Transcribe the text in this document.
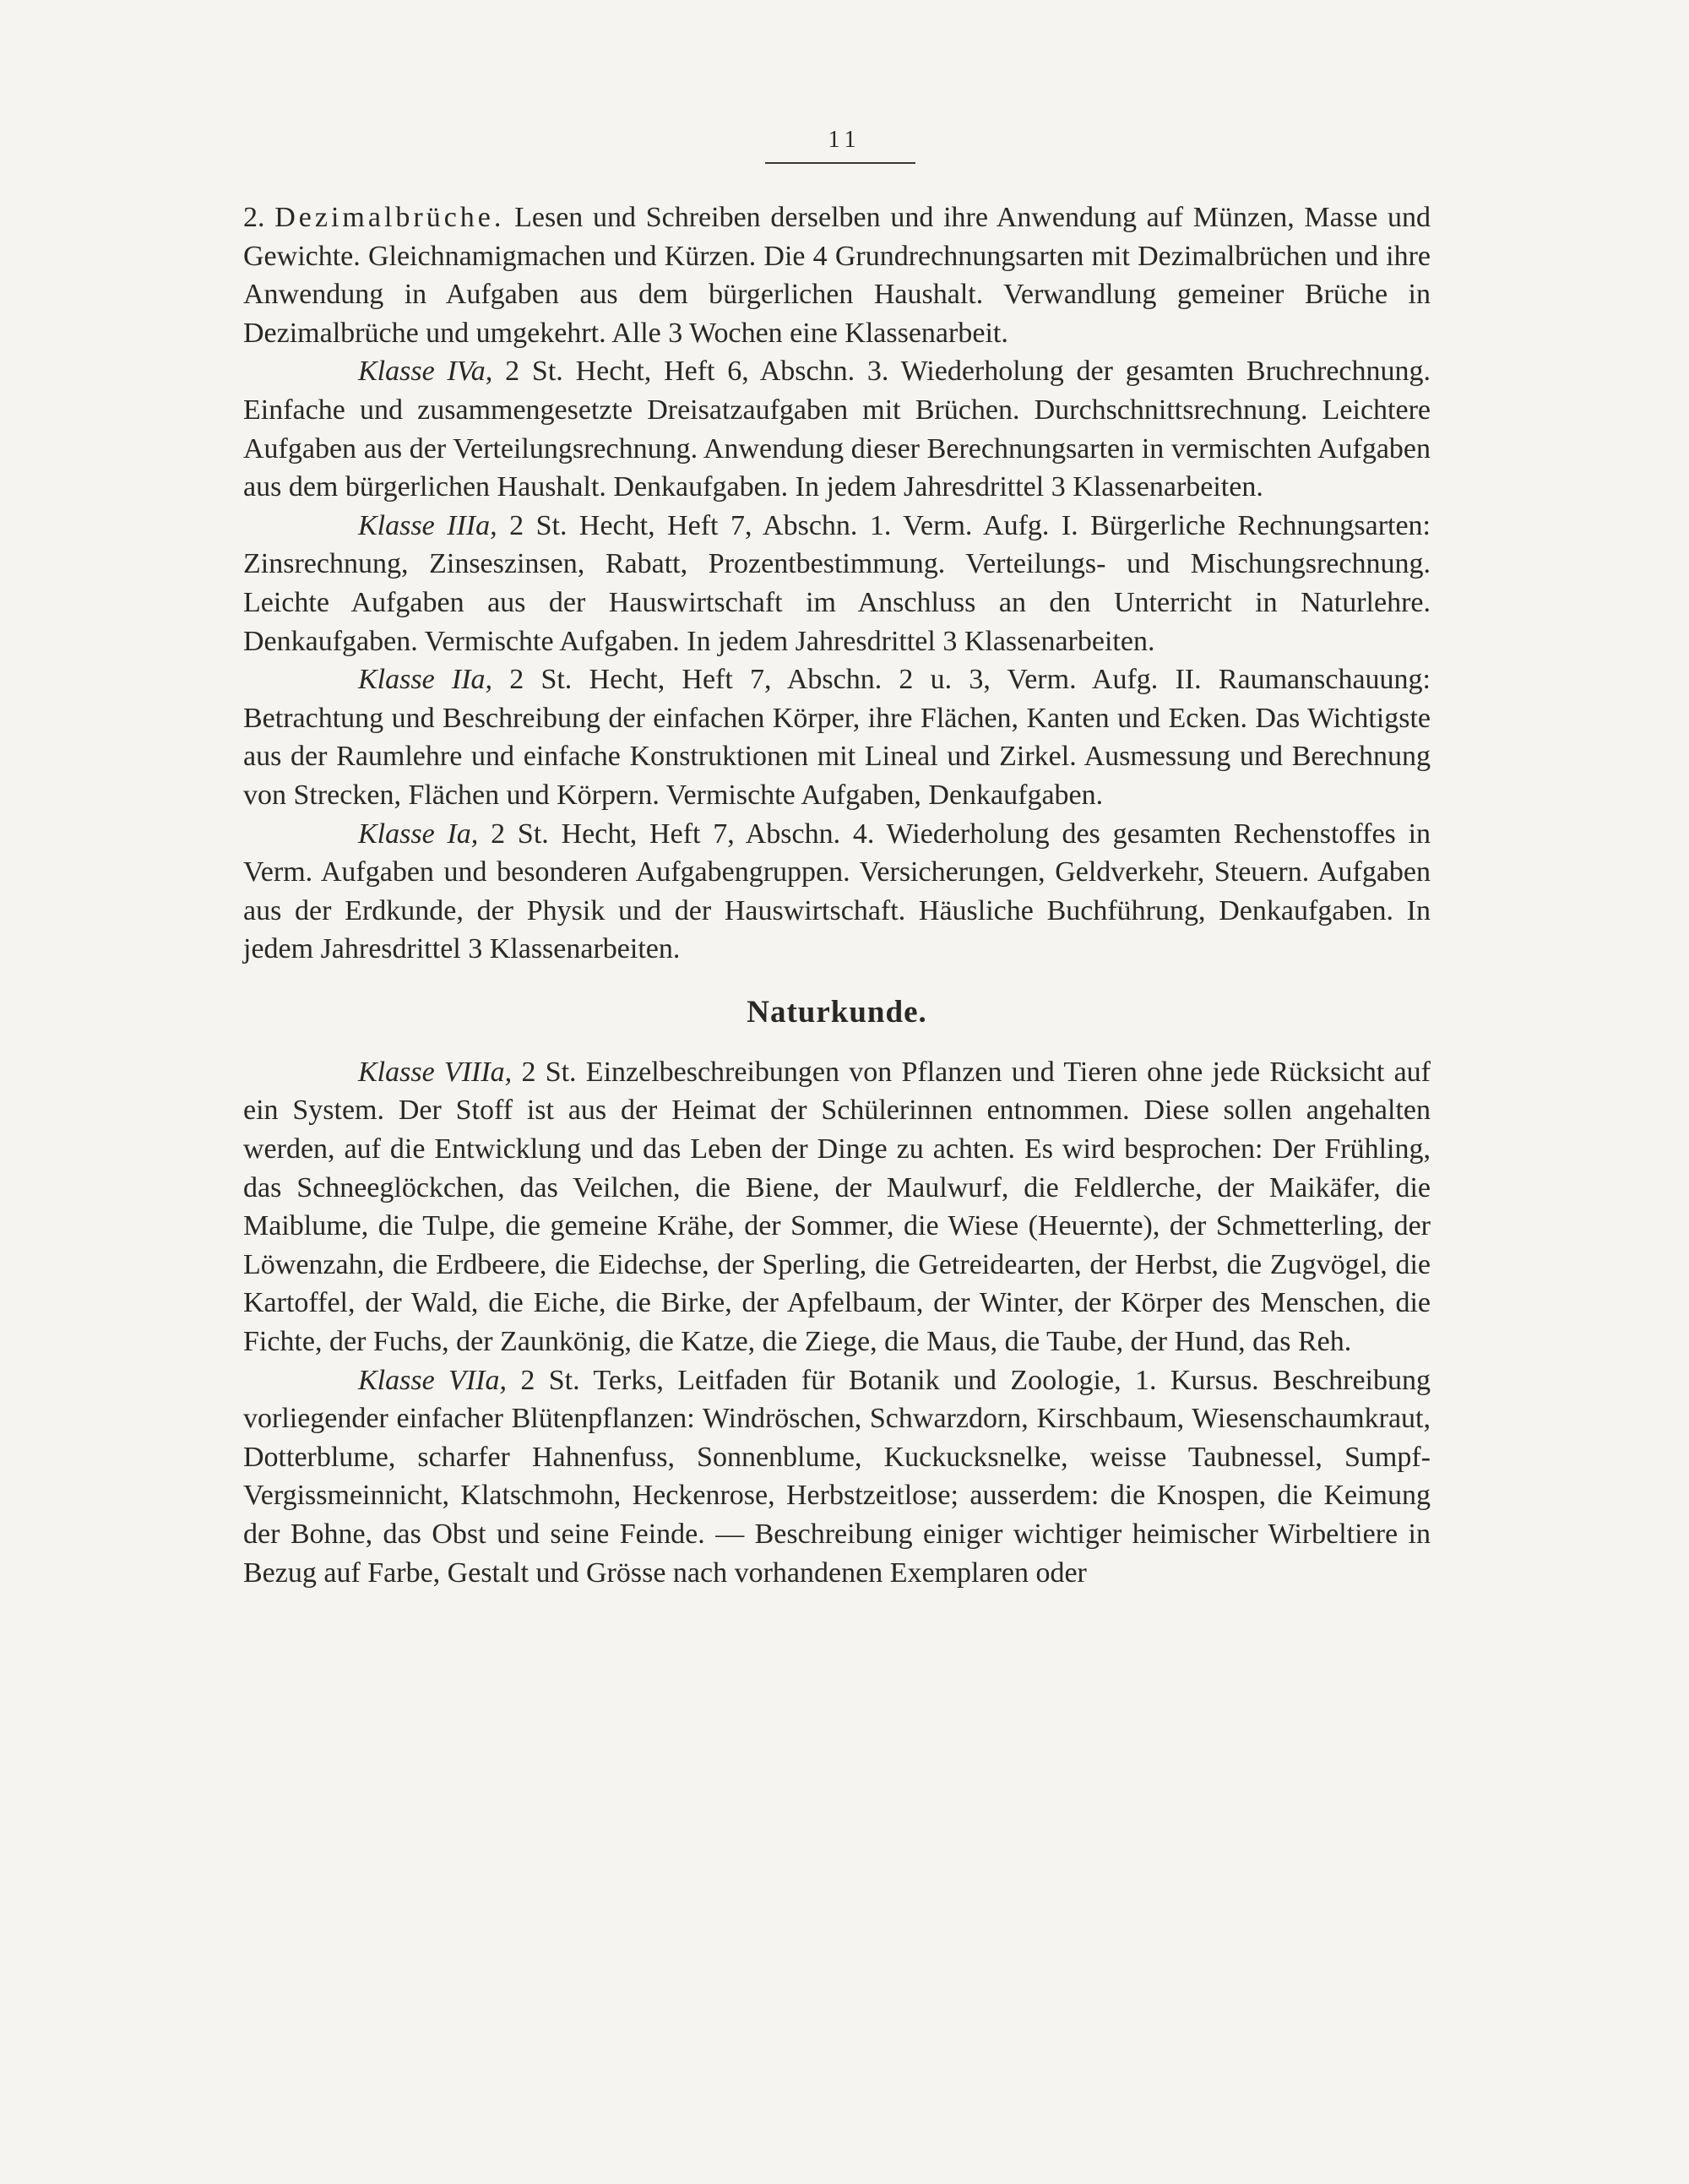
11

2. Dezimalbrüche. Lesen und Schreiben derselben und ihre Anwendung auf Münzen, Masse und Gewichte. Gleichnamigmachen und Kürzen. Die 4 Grundrechnungsarten mit Dezimalbrüchen und ihre Anwendung in Aufgaben aus dem bürgerlichen Haushalt. Verwandlung gemeiner Brüche in Dezimalbrüche und umgekehrt. Alle 3 Wochen eine Klassenarbeit.

Klasse IVa, 2 St. Hecht, Heft 6, Abschn. 3. Wiederholung der gesamten Bruchrechnung. Einfache und zusammengesetzte Dreisatzaufgaben mit Brüchen. Durchschnittsrechnung. Leichtere Aufgaben aus der Verteilungsrechnung. Anwendung dieser Berechnungsarten in vermischten Aufgaben aus dem bürgerlichen Haushalt. Denkaufgaben. In jedem Jahresdrittel 3 Klassenarbeiten.

Klasse IIIa, 2 St. Hecht, Heft 7, Abschn. 1. Verm. Aufg. I. Bürgerliche Rechnungsarten: Zinsrechnung, Zinseszinsen, Rabatt, Prozentbestimmung. Verteilungs- und Mischungsrechnung. Leichte Aufgaben aus der Hauswirtschaft im Anschluss an den Unterricht in Naturlehre. Denkaufgaben. Vermischte Aufgaben. In jedem Jahresdrittel 3 Klassenarbeiten.

Klasse IIa, 2 St. Hecht, Heft 7, Abschn. 2 u. 3, Verm. Aufg. II. Raumanschauung: Betrachtung und Beschreibung der einfachen Körper, ihre Flächen, Kanten und Ecken. Das Wichtigste aus der Raumlehre und einfache Konstruktionen mit Lineal und Zirkel. Ausmessung und Berechnung von Strecken, Flächen und Körpern. Vermischte Aufgaben, Denkaufgaben.

Klasse Ia, 2 St. Hecht, Heft 7, Abschn. 4. Wiederholung des gesamten Rechenstoffes in Verm. Aufgaben und besonderen Aufgabengruppen. Versicherungen, Geldverkehr, Steuern. Aufgaben aus der Erdkunde, der Physik und der Hauswirtschaft. Häusliche Buchführung, Denkaufgaben. In jedem Jahresdrittel 3 Klassenarbeiten.

Naturkunde.

Klasse VIIIa, 2 St. Einzelbeschreibungen von Pflanzen und Tieren ohne jede Rücksicht auf ein System. Der Stoff ist aus der Heimat der Schülerinnen entnommen. Diese sollen angehalten werden, auf die Entwicklung und das Leben der Dinge zu achten. Es wird besprochen: Der Frühling, das Schneeglöckchen, das Veilchen, die Biene, der Maulwurf, die Feldlerche, der Maikäfer, die Maiblume, die Tulpe, die gemeine Krähe, der Sommer, die Wiese (Heuernte), der Schmetterling, der Löwenzahn, die Erdbeere, die Eidechse, der Sperling, die Getreidearten, der Herbst, die Zugvögel, die Kartoffel, der Wald, die Eiche, die Birke, der Apfelbaum, der Winter, der Körper des Menschen, die Fichte, der Fuchs, der Zaunkönig, die Katze, die Ziege, die Maus, die Taube, der Hund, das Reh.

Klasse VIIa, 2 St. Terks, Leitfaden für Botanik und Zoologie, 1. Kursus. Beschreibung vorliegender einfacher Blütenpflanzen: Windröschen, Schwarzdorn, Kirschbaum, Wiesenschaumkraut, Dotterblume, scharfer Hahnenfuss, Sonnenblume, Kuckucksnelke, weisse Taubnessel, Sumpf-Vergissmeinnicht, Klatschmohn, Heckenrose, Herbstzeitlose; ausserdem: die Knospen, die Keimung der Bohne, das Obst und seine Feinde. — Beschreibung einiger wichtiger heimischer Wirbeltiere in Bezug auf Farbe, Gestalt und Grösse nach vorhandenen Exemplaren oder
